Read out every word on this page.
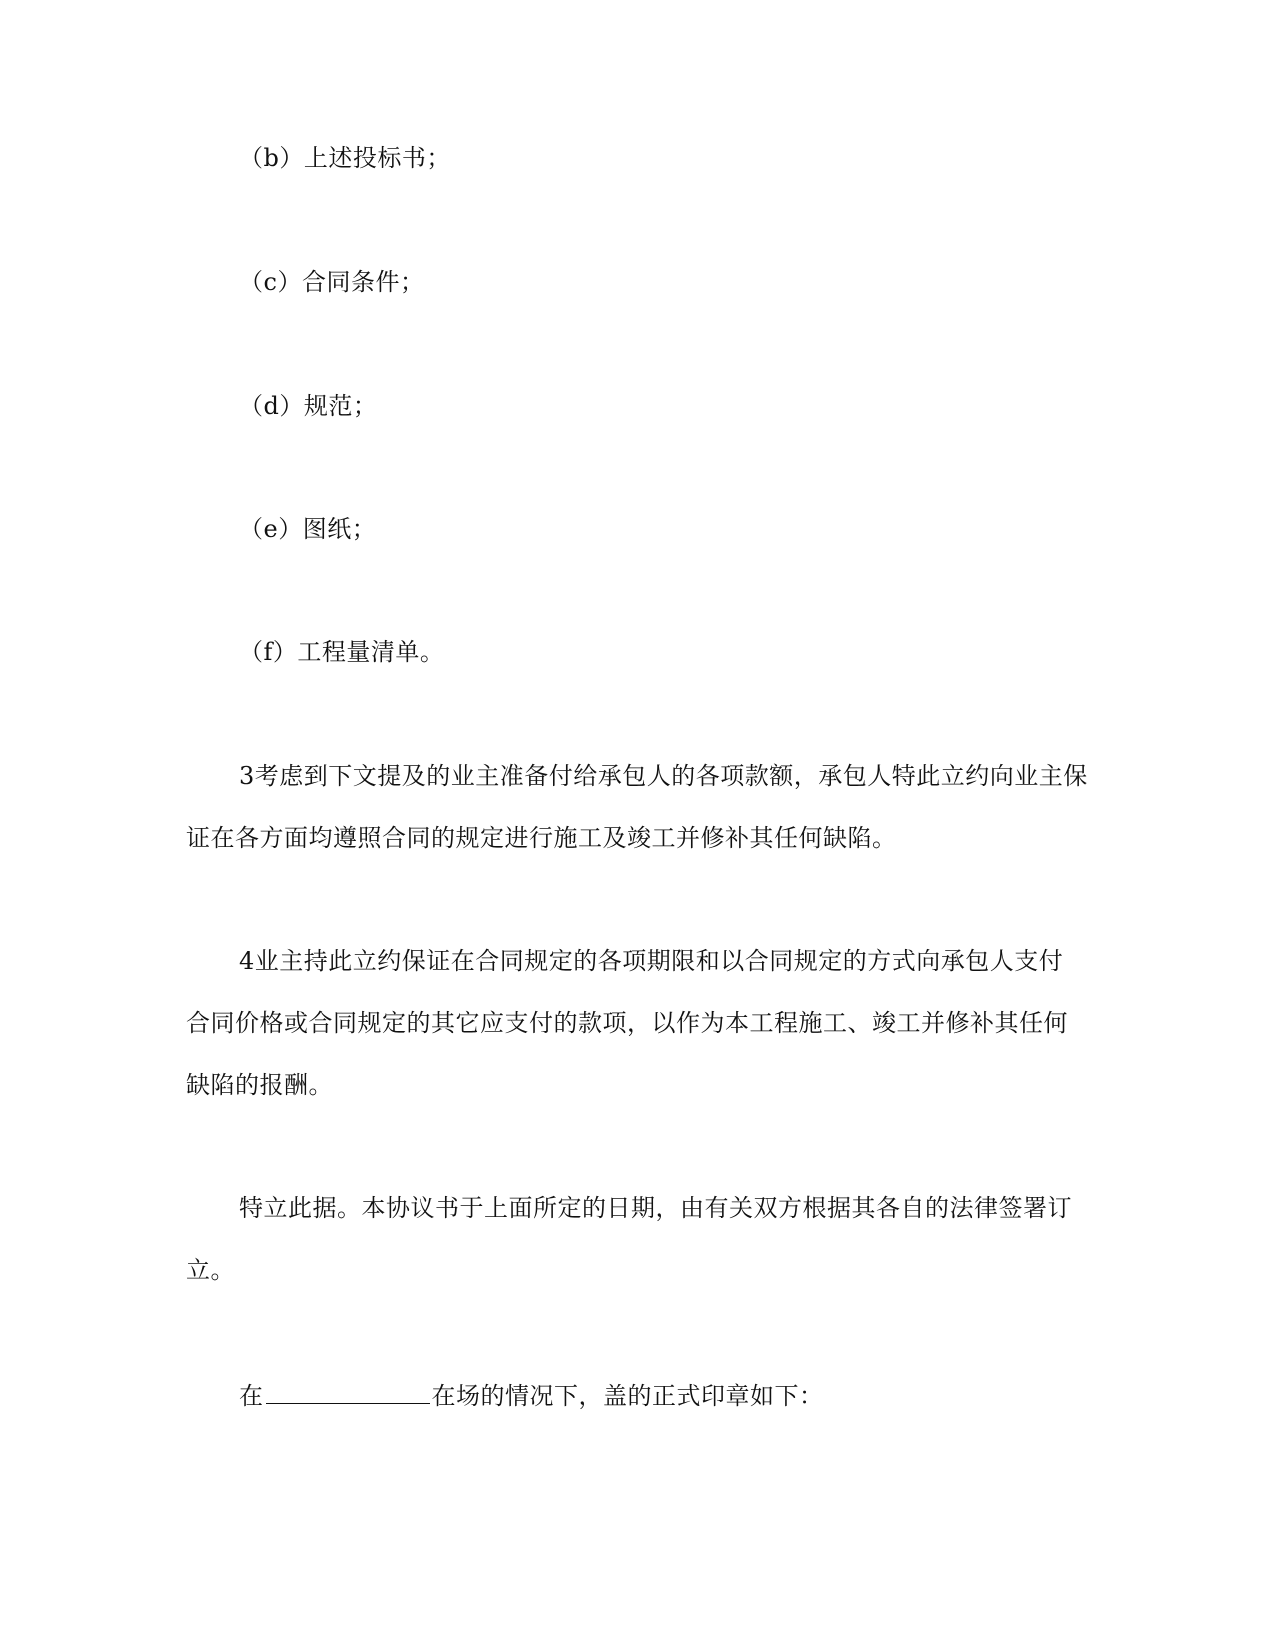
（b）上述投标书；
（c）合同条件；
（d）规范；
（e）图纸；
（f）工程量清单。
3考虑到下文提及的业主准备付给承包人的各项款额，承包人特此立约向业主保
证在各方面均遵照合同的规定进行施工及竣工并修补其任何缺陷。
4业主持此立约保证在合同规定的各项期限和以合同规定的方式向承包人支付
合同价格或合同规定的其它应支付的款项，以作为本工程施工、竣工并修补其任何
缺陷的报酬。
特立此据。本协议书于上面所定的日期，由有关双方根据其各自的法律签署订
立。
在	在场的情况下，盖的正式印章如下：
